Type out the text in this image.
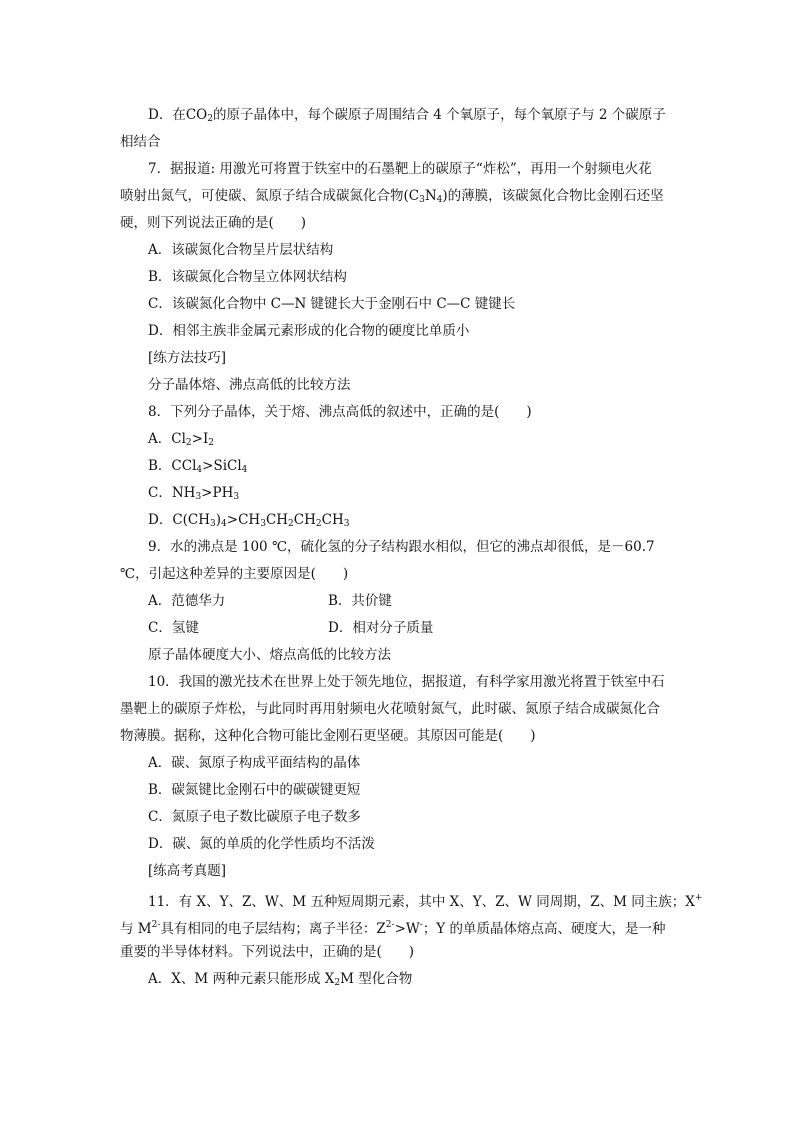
D．在$CO_2$的原子晶体中，每个碳原子周围结合 4 个氧原子，每个氧原子与 2 个碳原子
相结合
7．据报道: 用激光可将置于铁室中的石墨靶上的碳原子“炸松”，再用一个射频电火花
喷射出氮气，可使碳、氮原子结合成碳氮化合物$(C_3N_4)$的薄膜，该碳氮化合物比金刚石还坚
硬，则下列说法正确的是(　　)
A．该碳氮化合物呈片层状结构
B．该碳氮化合物呈立体网状结构
C．该碳氮化合物中 C—N 键键长大于金刚石中 C—C 键键长
D．相邻主族非金属元素形成的化合物的硬度比单质小
[练方法技巧]
分子晶体熔、沸点高低的比较方法
8．下列分子晶体，关于熔、沸点高低的叙述中，正确的是(　　)
A．$Cl_2>I_2$
B．CCl$_4$>SiCl$_4$
C．$NH_3>PH_3$
D．$C(CH_3)_4>CH_3CH_2CH_2CH_3$
9．水的沸点是 100 ℃，硫化氢的分子结构跟水相似，但它的沸点却很低，是－60.7
℃，引起这种差异的主要原因是(　　)
A．范德华力	B．共价键
C．氢键	D．相对分子质量
原子晶体硬度大小、熔点高低的比较方法
10．我国的激光技术在世界上处于领先地位，据报道，有科学家用激光将置于铁室中石
墨靶上的碳原子炸松，与此同时再用射频电火花喷射氮气，此时碳、氮原子结合成碳氮化合
物薄膜。据称，这种化合物可能比金刚石更坚硬。其原因可能是(　　)
A．碳、氮原子构成平面结构的晶体
B．碳氮键比金刚石中的碳碳键更短
C．氮原子电子数比碳原子电子数多
D．碳、氮的单质的化学性质均不活泼
[练高考真题]
11．有 X、Y、Z、W、M 五种短周期元素，其中 X、Y、Z、W 同周期，Z、M 同主族；X+
与 $M^{2-}$具有相同的电子层结构；离子半径：$Z^{2-}>W^-$；Y 的单质晶体熔点高、硬度大，是一种
重要的半导体材料。下列说法中，正确的是(　　)
A．X、M 两种元素只能形成 $X_2M$ 型化合物
